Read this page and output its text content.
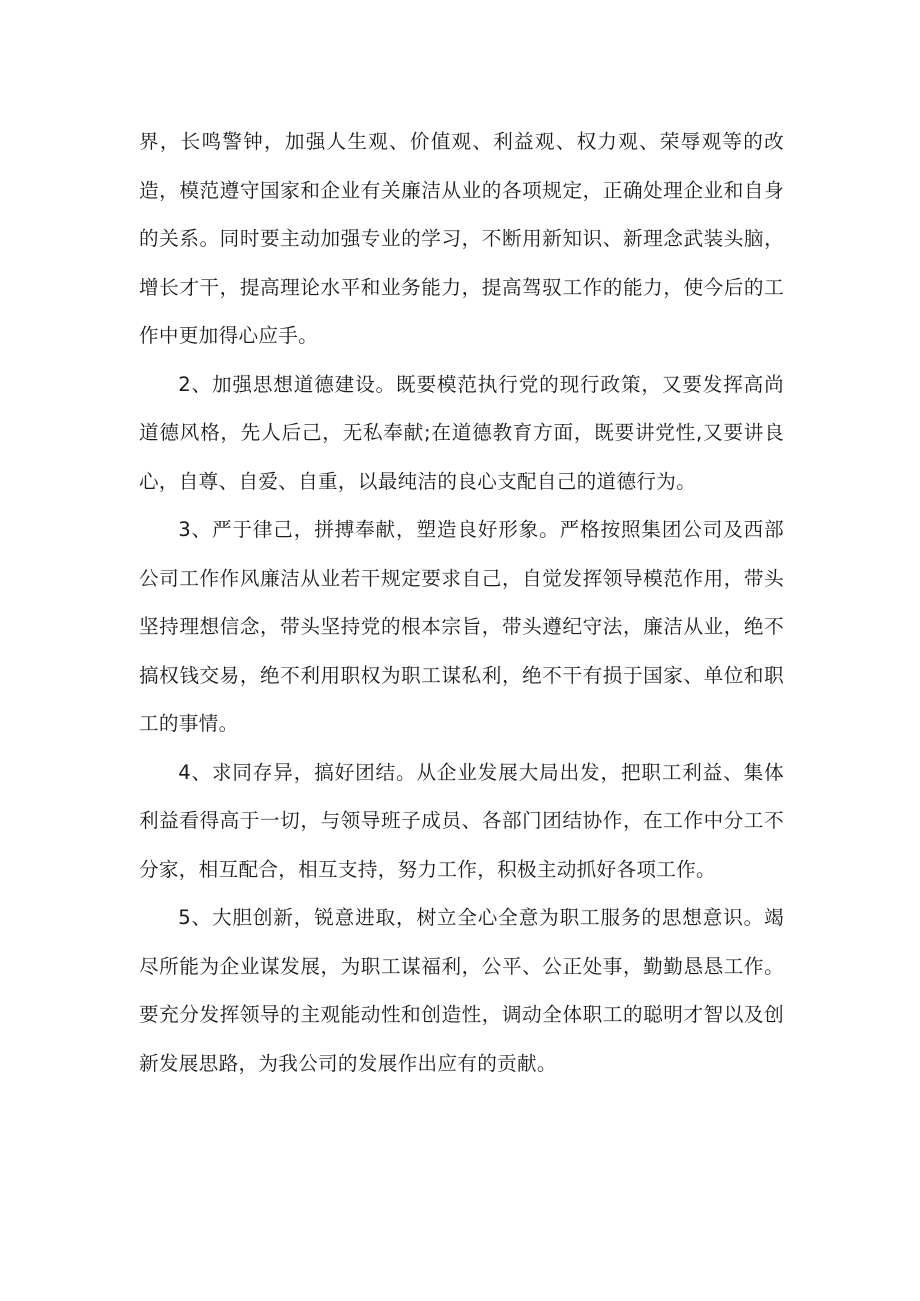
界，长鸣警钟，加强人生观、价值观、利益观、权力观、荣辱观等的改造，模范遵守国家和企业有关廉洁从业的各项规定，正确处理企业和自身的关系。同时要主动加强专业的学习，不断用新知识、新理念武装头脑，增长才干，提高理论水平和业务能力，提高驾驭工作的能力，使今后的工作中更加得心应手。

2、加强思想道德建设。既要模范执行党的现行政策，又要发挥高尚道德风格，先人后己，无私奉献;在道德教育方面，既要讲党性,又要讲良心，自尊、自爱、自重，以最纯洁的良心支配自己的道德行为。

3、严于律己，拼搏奉献，塑造良好形象。严格按照集团公司及西部公司工作作风廉洁从业若干规定要求自己，自觉发挥领导模范作用，带头坚持理想信念，带头坚持党的根本宗旨，带头遵纪守法，廉洁从业，绝不搞权钱交易，绝不利用职权为职工谋私利，绝不干有损于国家、单位和职工的事情。

4、求同存异，搞好团结。从企业发展大局出发，把职工利益、集体利益看得高于一切，与领导班子成员、各部门团结协作，在工作中分工不分家，相互配合，相互支持，努力工作，积极主动抓好各项工作。

5、大胆创新，锐意进取，树立全心全意为职工服务的思想意识。竭尽所能为企业谋发展，为职工谋福利，公平、公正处事，勤勤恳恳工作。要充分发挥领导的主观能动性和创造性，调动全体职工的聪明才智以及创新发展思路，为我公司的发展作出应有的贡献。
